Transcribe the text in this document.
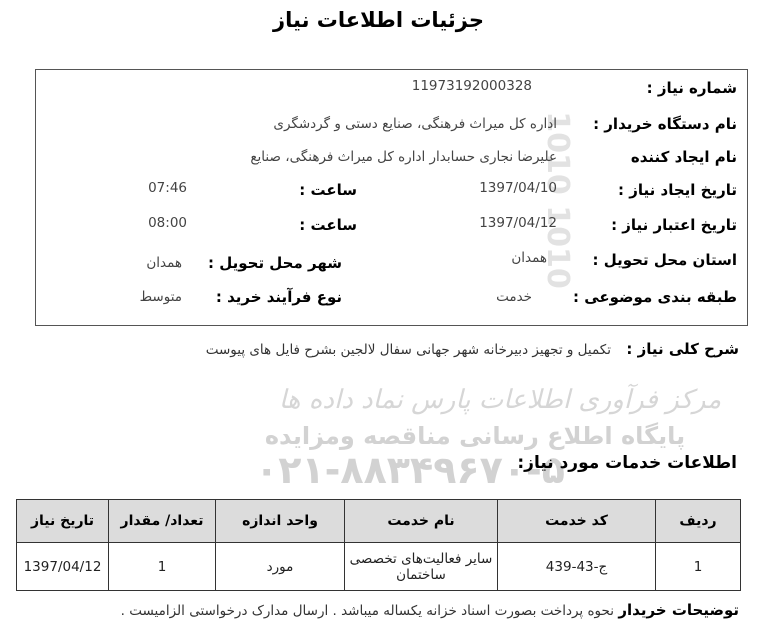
مرکز فرآوری اطلاعات پارس نماد داده ها
پایگاه اطلاع رسانی مناقصه ومزایده
۰۲۱-۸۸۳۴۹۶۷۰-۵
1010 1010
جزئیات اطلاعات نیاز
شماره نیاز :
11973192000328
نام دستگاه خریدار :
اداره کل میراث فرهنگی، صنایع دستی و گردشگری
نام ایجاد کننده
علیرضا نجاری حسابدار اداره کل میراث فرهنگی، صنایع
تاریخ ایجاد نیاز :
1397/04/10
ساعت :
07:46
تاریخ اعتبار نیاز :
1397/04/12
ساعت :
08:00
استان محل تحویل :
همدان
شهر محل تحویل :
همدان
طبقه بندی موضوعی :
خدمت
نوع فرآیند خرید :
متوسط
شرح کلی نیاز :
تکمیل و تجهیز دبیرخانه شهر جهانی سفال لالجین بشرح فایل های پیوست
اطلاعات خدمات مورد نیاز:
ردیف	کد خدمت	نام خدمت	واحد اندازه	تعداد/ مقدار	تاریخ نیاز
1	ج-43-439	سایر فعالیت‌های تخصصی ساختمان	مورد	1	1397/04/12
توضیحات خریدار
نحوه پرداخت بصورت اسناد خزانه یکساله میباشد . ارسال مدارک درخواستی الزامیست .
